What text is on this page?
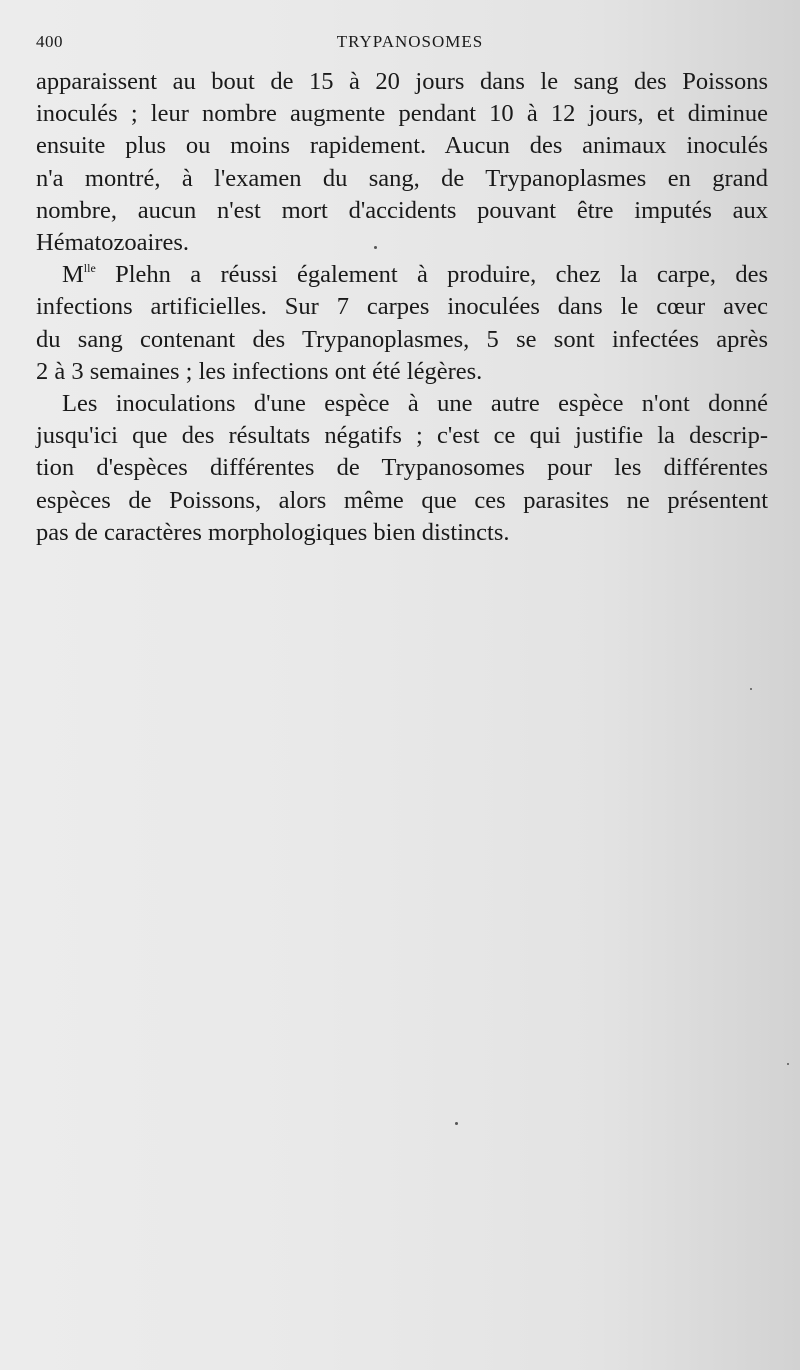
400	TRYPANOSOMES

apparaissent au bout de 15 à 20 jours dans le sang des Poissons
inoculés ; leur nombre augmente pendant 10 à 12 jours, et diminue
ensuite plus ou moins rapidement. Aucun des animaux inoculés
n'a montré, à l'examen du sang, de Trypanoplasmes en grand
nombre, aucun n'est mort d'accidents pouvant être imputés aux
Hématozoaires.

$M^{lle}$ Plehn a réussi également à produire, chez la carpe, des
infections artificielles. Sur 7 carpes inoculées dans le cœur avec
du sang contenant des Trypanoplasmes, 5 se sont infectées après
2 à 3 semaines ; les infections ont été légères.

Les inoculations d'une espèce à une autre espèce n'ont donné
jusqu'ici que des résultats négatifs ; c'est ce qui justifie la descrip-
tion d'espèces différentes de Trypanosomes pour les différentes
espèces de Poissons, alors même que ces parasites ne présentent
pas de caractères morphologiques bien distincts.
